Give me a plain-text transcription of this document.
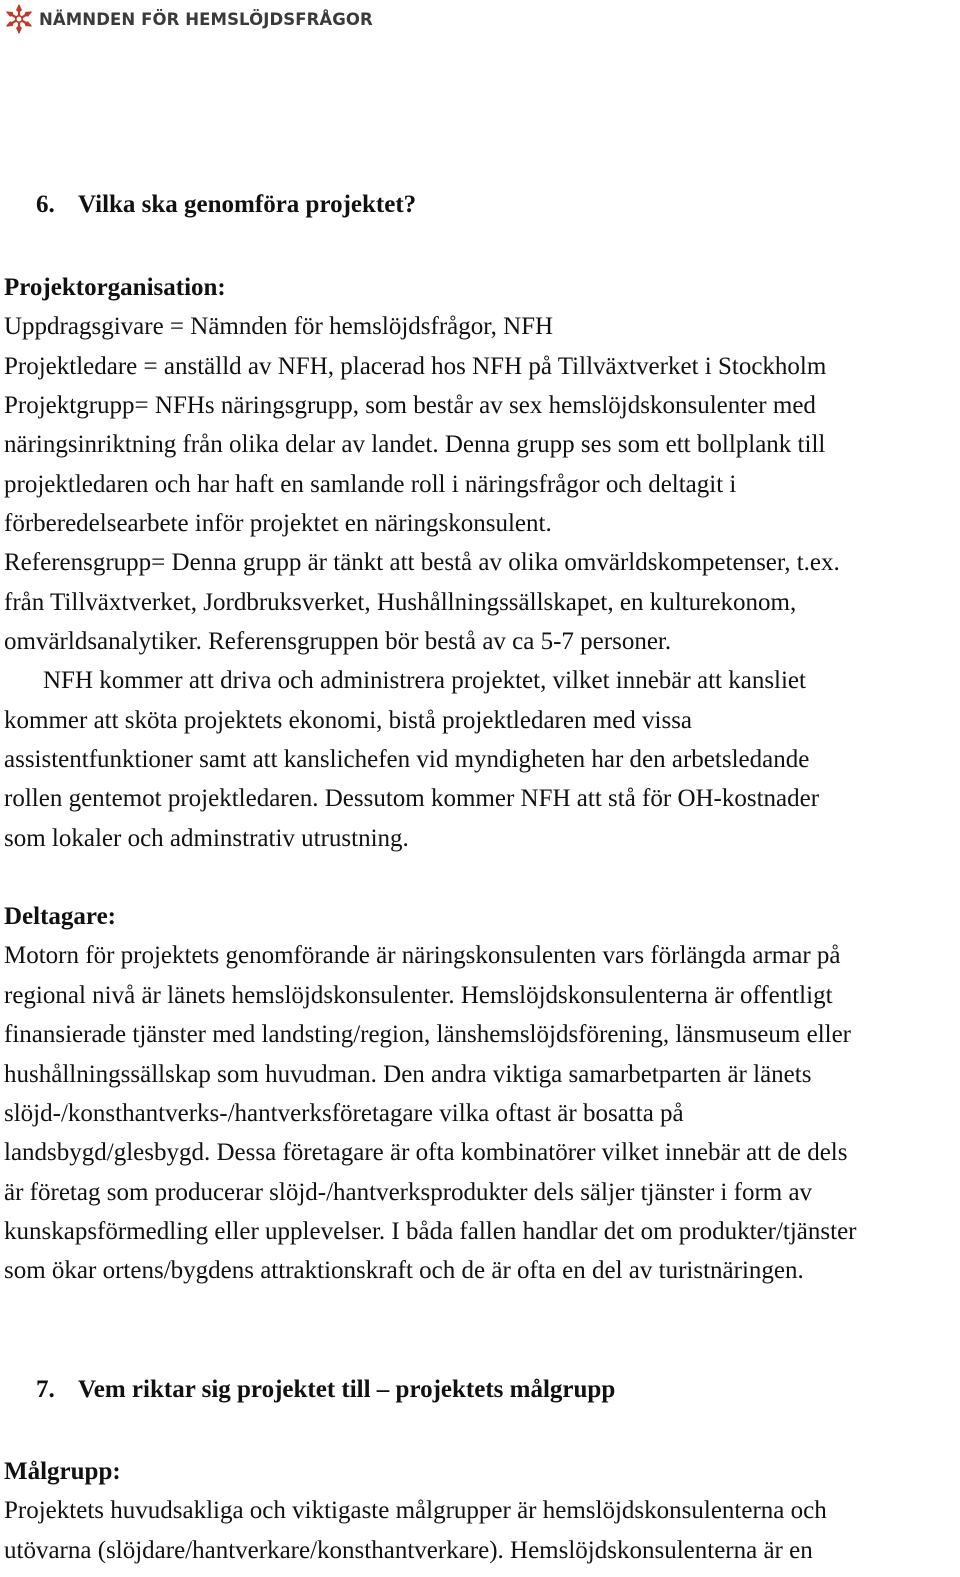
NÄMNDEN FÖR HEMSLÖJDSFRÅGOR
6. Vilka ska genomföra projektet?
Projektorganisation:
Uppdragsgivare = Nämnden för hemslöjdsfrågor, NFH
Projektledare = anställd av NFH, placerad hos NFH på Tillväxtverket i Stockholm
Projektgrupp= NFHs näringsgrupp, som består av sex hemslöjdskonsulenter med
näringsinriktning från olika delar av landet. Denna grupp ses som ett bollplank till
projektledaren och har haft en samlande roll i näringsfrågor och deltagit i
förberedelsearbete inför projektet en näringskonsulent.
Referensgrupp= Denna grupp är tänkt att bestå av olika omvärldskompetenser, t.ex.
från Tillväxtverket, Jordbruksverket, Hushållningssällskapet, en kulturekonom,
omvärldsanalytiker. Referensgruppen bör bestå av ca 5-7 personer.
NFH kommer att driva och administrera projektet, vilket innebär att kansliet
kommer att sköta projektets ekonomi, bistå projektledaren med vissa
assistentfunktioner samt att kanslichefen vid myndigheten har den arbetsledande
rollen gentemot projektledaren. Dessutom kommer NFH att stå för OH-kostnader
som lokaler och adminstrativ utrustning.
Deltagare:
Motorn för projektets genomförande är näringskonsulenten vars förlängda armar på
regional nivå är länets hemslöjdskonsulenter. Hemslöjdskonsulenterna är offentligt
finansierade tjänster med landsting/region, länshemslöjdsförening, länsmuseum eller
hushållningssällskap som huvudman. Den andra viktiga samarbetparten är länets
slöjd-/konsthantverks-/hantverksföretagare vilka oftast är bosatta på
landsbygd/glesbygd. Dessa företagare är ofta kombinatörer vilket innebär att de dels
är företag som producerar slöjd-/hantverksprodukter dels säljer tjänster i form av
kunskapsförmedling eller upplevelser. I båda fallen handlar det om produkter/tjänster
som ökar ortens/bygdens attraktionskraft och de är ofta en del av turistnäringen.
7. Vem riktar sig projektet till – projektets målgrupp
Målgrupp:
Projektets huvudsakliga och viktigaste målgrupper är hemslöjdskonsulenterna och
utövarna (slöjdare/hantverkare/konsthantverkare). Hemslöjdskonsulenterna är en
